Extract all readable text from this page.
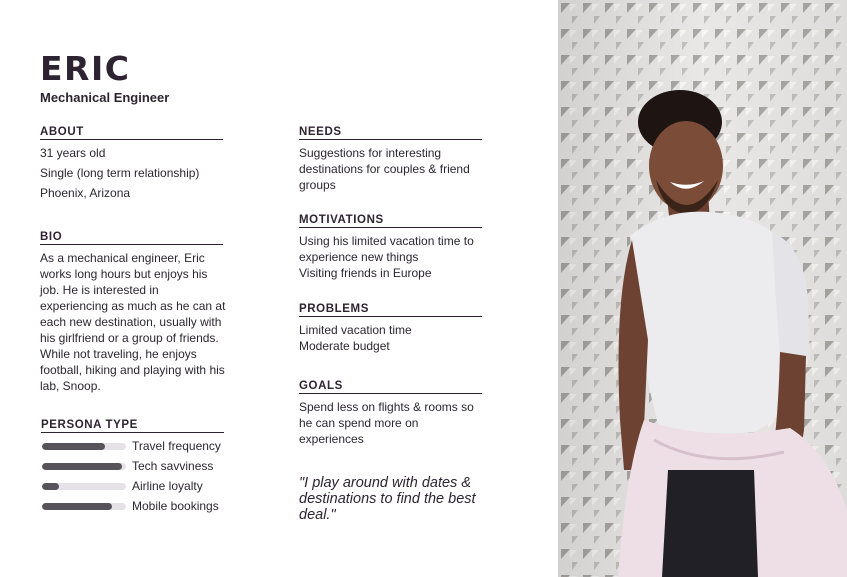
ERIC
Mechanical Engineer
ABOUT
31 years old
Single (long term relationship)
Phoenix, Arizona
BIO
As a mechanical engineer, Eric works long hours but enjoys his job. He is interested in experiencing as much as he can at each new destination, usually with his girlfriend or a group of friends. While not traveling, he enjoys football, hiking and playing with his lab, Snoop.
PERSONA TYPE
Travel frequency
Tech savviness
Airline loyalty
Mobile bookings
NEEDS
Suggestions for interesting destinations for couples & friend groups
MOTIVATIONS
Using his limited vacation time to experience new things
Visiting friends in Europe
PROBLEMS
Limited vacation time
Moderate budget
GOALS
Spend less on flights & rooms so he can spend more on experiences
"I play around with dates & destinations to find the best deal."
